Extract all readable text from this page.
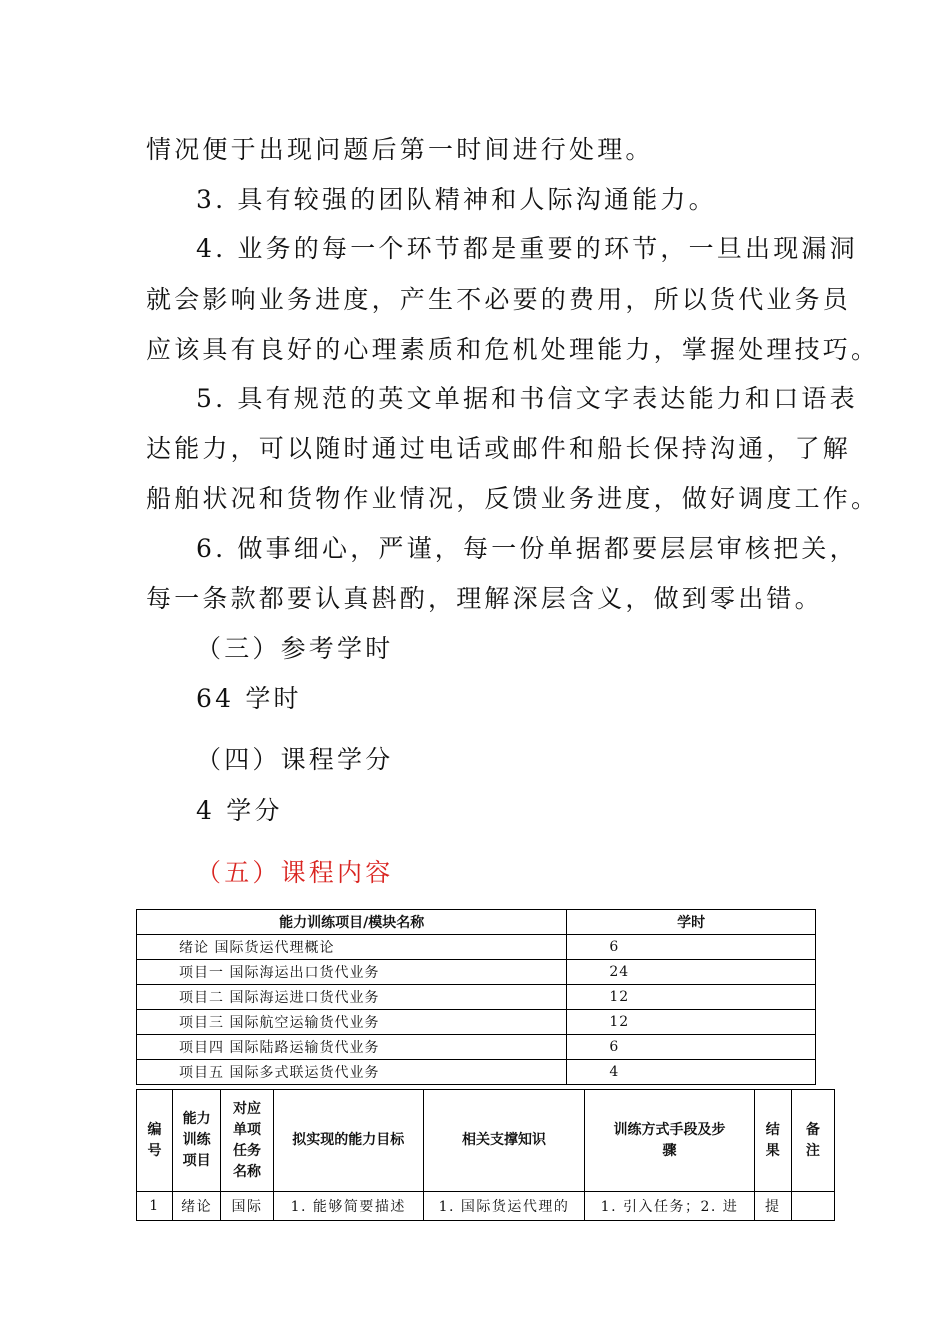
情况便于出现问题后第一时间进行处理。
3. 具有较强的团队精神和人际沟通能力。
4. 业务的每一个环节都是重要的环节，一旦出现漏洞
就会影响业务进度，产生不必要的费用，所以货代业务员
应该具有良好的心理素质和危机处理能力，掌握处理技巧。
5. 具有规范的英文单据和书信文字表达能力和口语表
达能力，可以随时通过电话或邮件和船长保持沟通，了解
船舶状况和货物作业情况，反馈业务进度，做好调度工作。
6. 做事细心，严谨，每一份单据都要层层审核把关，
每一条款都要认真斟酌，理解深层含义，做到零出错。
（三）参考学时
64 学时
（四）课程学分
4 学分
（五）课程内容
能力训练项目/模块名称	学时
绪论 国际货运代理概论	6
项目一 国际海运出口货代业务	24
项目二 国际海运进口货代业务	12
项目三 国际航空运输货代业务	12
项目四 国际陆路运输货代业务	6
项目五 国际多式联运货代业务	4
编号	能力训练项目	对应单项任务名称	拟实现的能力目标	相关支撑知识	训练方式手段及步骤	结果	备注

1	绪论	国际	1. 能够简要描述	1. 国际货运代理的	1. 引入任务；2. 进	提	
